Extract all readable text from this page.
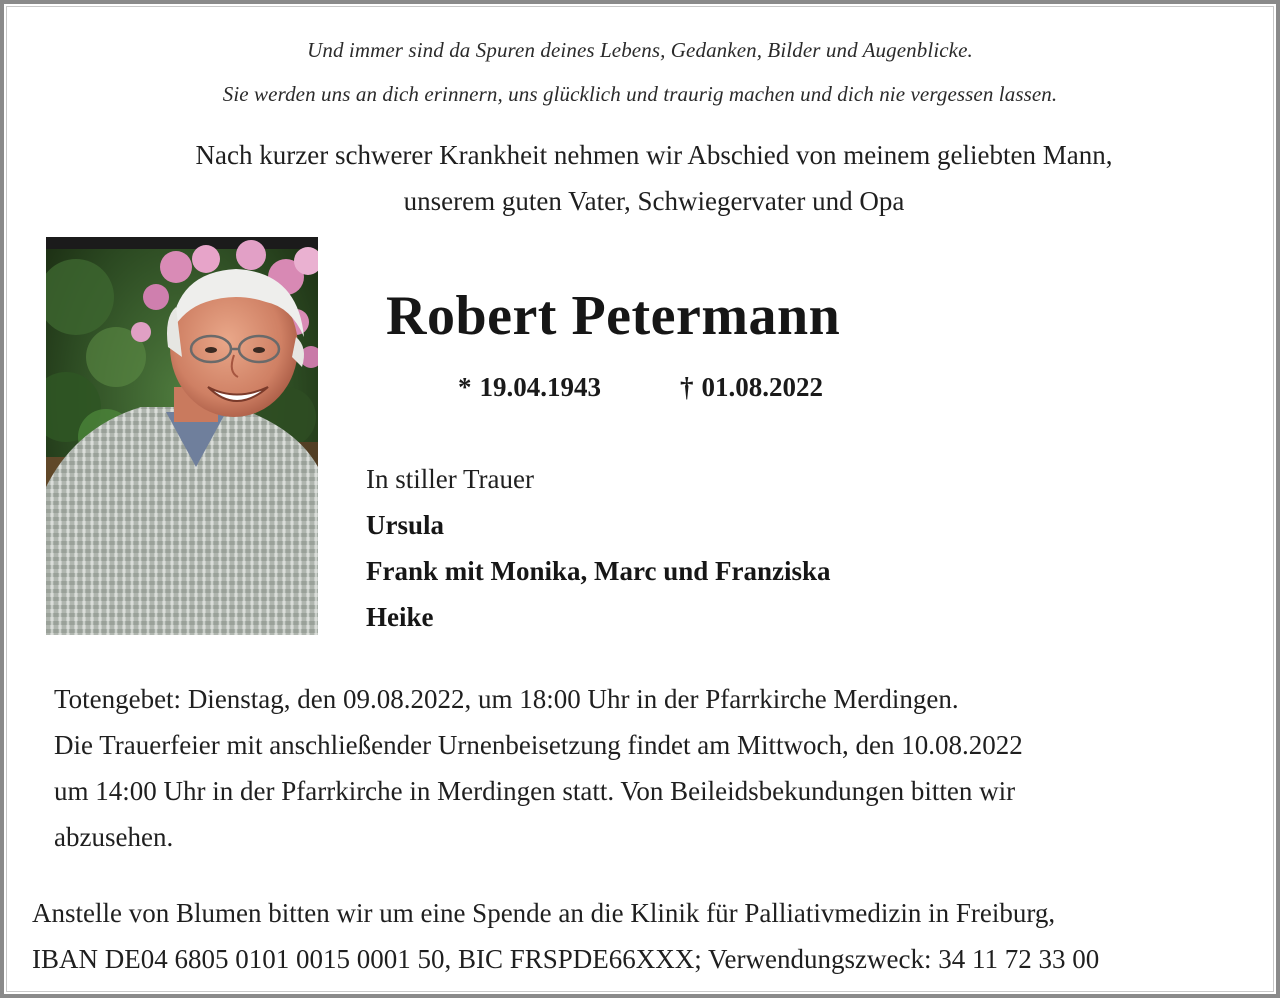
Und immer sind da Spuren deines Lebens, Gedanken, Bilder und Augenblicke.
Sie werden uns an dich erinnern, uns glücklich und traurig machen und dich nie vergessen lassen.
Nach kurzer schwerer Krankheit nehmen wir Abschied von meinem geliebten Mann,
unserem guten Vater, Schwiegervater und Opa
Robert Petermann
* 19.04.1943	† 01.08.2022
In stiller Trauer
Ursula
Frank mit Monika, Marc und Franziska
Heike
Totengebet: Dienstag, den 09.08.2022, um 18:00 Uhr in der Pfarrkirche Merdingen.
Die Trauerfeier mit anschließender Urnenbeisetzung findet am Mittwoch, den 10.08.2022
um 14:00 Uhr in der Pfarrkirche in Merdingen statt. Von Beileidsbekundungen bitten wir
abzusehen.
Anstelle von Blumen bitten wir um eine Spende an die Klinik für Palliativmedizin in Freiburg,
IBAN DE04 6805 0101 0015 0001 50, BIC FRSPDE66XXX; Verwendungszweck: 34 11 72 33 00
